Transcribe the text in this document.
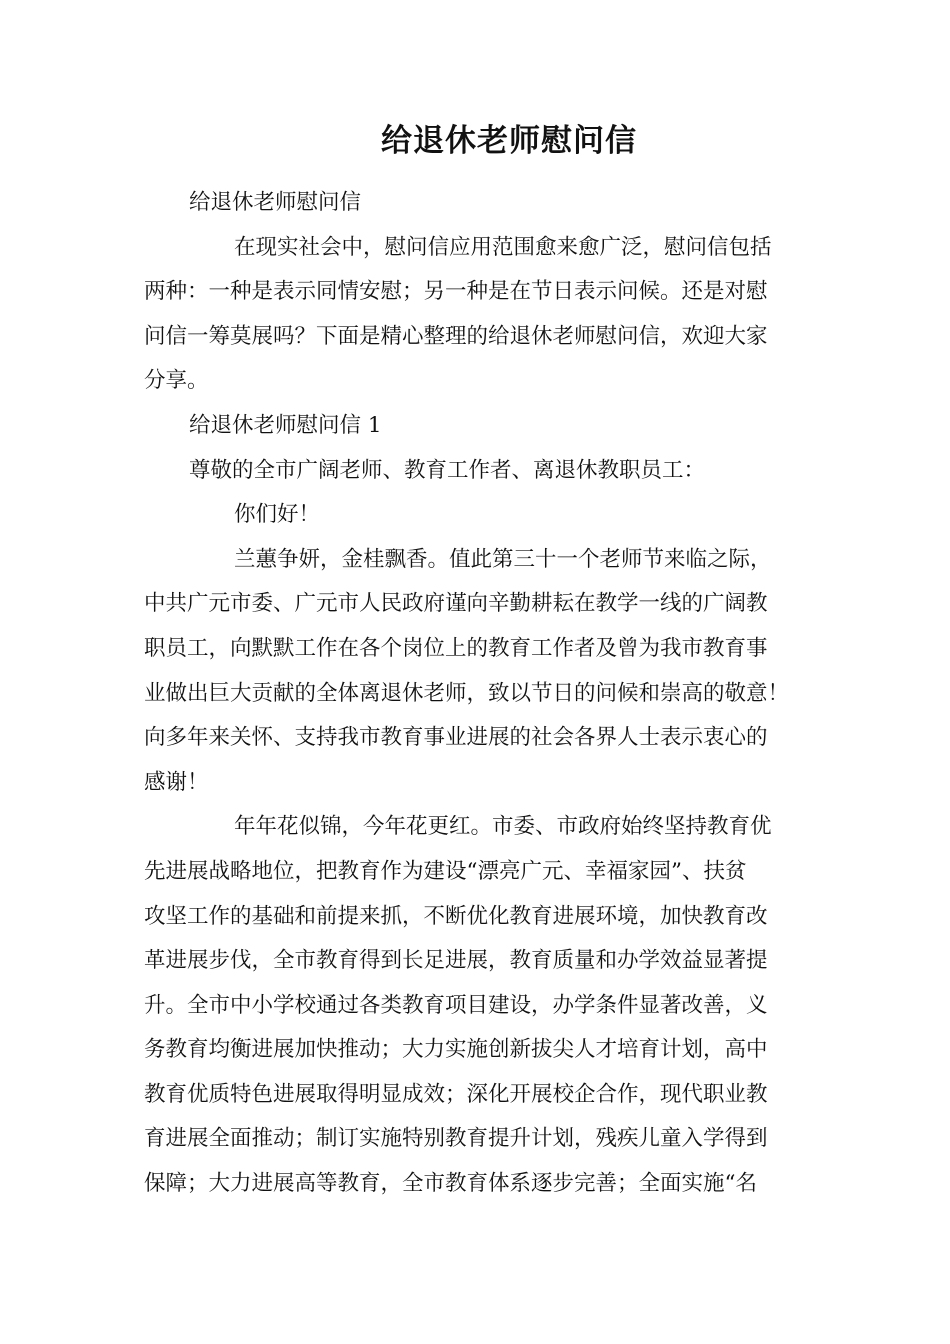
给退休老师慰问信
给退休老师慰问信
在现实社会中，慰问信应用范围愈来愈广泛，慰问信包括
两种：一种是表示同情安慰；另一种是在节日表示问候。还是对慰
问信一筹莫展吗？下面是精心整理的给退休老师慰问信，欢迎大家
分享。
给退休老师慰问信 1
尊敬的全市广阔老师、教育工作者、离退休教职员工：
你们好！
兰蕙争妍，金桂飘香。值此第三十一个老师节来临之际，
中共广元市委、广元市人民政府谨向辛勤耕耘在教学一线的广阔教
职员工，向默默工作在各个岗位上的教育工作者及曾为我市教育事
业做出巨大贡献的全体离退休老师，致以节日的问候和崇高的敬意！
向多年来关怀、支持我市教育事业进展的社会各界人士表示衷心的
感谢！
年年花似锦，今年花更红。市委、市政府始终坚持教育优
先进展战略地位，把教育作为建设“漂亮广元、幸福家园”、扶贫
攻坚工作的基础和前提来抓，不断优化教育进展环境，加快教育改
革进展步伐，全市教育得到长足进展，教育质量和办学效益显著提
升。全市中小学校通过各类教育项目建设，办学条件显著改善，义
务教育均衡进展加快推动；大力实施创新拔尖人才培育计划，高中
教育优质特色进展取得明显成效；深化开展校企合作，现代职业教
育进展全面推动；制订实施特别教育提升计划，残疾儿童入学得到
保障；大力进展高等教育，全市教育体系逐步完善；全面实施“名
